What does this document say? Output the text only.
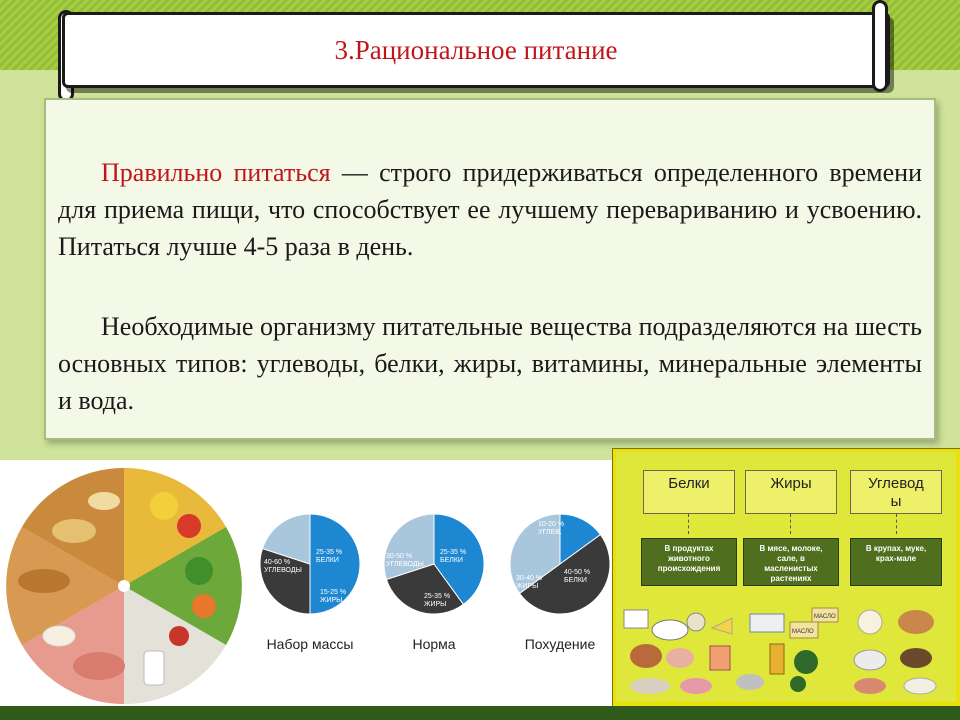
3.Рациональное питание

Правильно питаться — строго придерживаться определенного времени для приема пищи, что способствует ее лучшему перевариванию и усвоению. Питаться лучше 4-5 раза в день.

Необходимые организму питательные вещества подразделяются на шесть основных типов: углеводы, белки, жиры, витамины, минеральные элементы и вода.

40-60 %
УГЛЕВОДЫ
25-35 %
БЕЛКИ
15-25 %
ЖИРЫ
Набор массы
30-50 %
УГЛЕВОДЫ
25-35 %
БЕЛКИ
25-35 %
ЖИРЫ
Норма
10-20 %
УГЛЕВ.
40-50 %
БЕЛКИ
30-40 %
ЖИРЫ
Похудение
Белки	Жиры	Углевод
ы
В продуктах
животного
происхождения
В мясе, молоке,
сале, в
масленистых
растениях
В крупах, муке,
крах-мале
МАСЛО
МАСЛО
